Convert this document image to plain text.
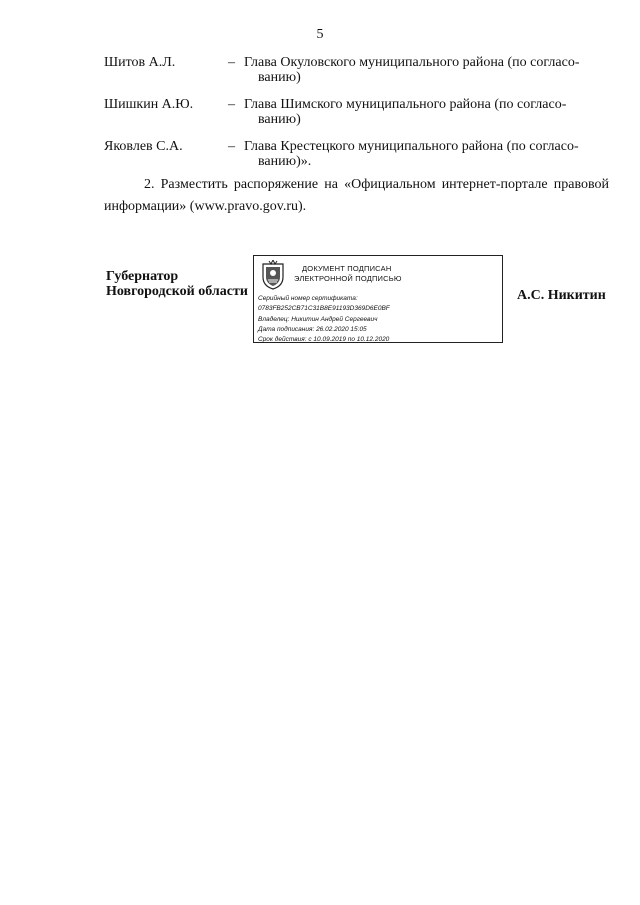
5
Шитов А.Л.	– Глава Окуловского муниципального района (по согласо-
ванию)
Шишкин А.Ю.	– Глава Шимского муниципального района (по согласо-
ванию)
Яковлев С.А.	– Глава Крестецкого муниципального района (по согласо-
ванию)».

2. Разместить распоряжение на «Официальном интернет-портале правовой информации» (www.pravo.gov.ru).

Губернатор
Новгородской области
ДОКУМЕНТ ПОДПИСАН
ЭЛЕКТРОННОЙ ПОДПИСЬЮ
Серийный номер сертификата:
0783FB252CB71C31B8E91193D369D6E0BF
Владелец: Никитин Андрей Сергеевич
Дата подписания: 26.02.2020 15:05
Срок действия: с 10.09.2019 по 10.12.2020
А.С. Никитин
